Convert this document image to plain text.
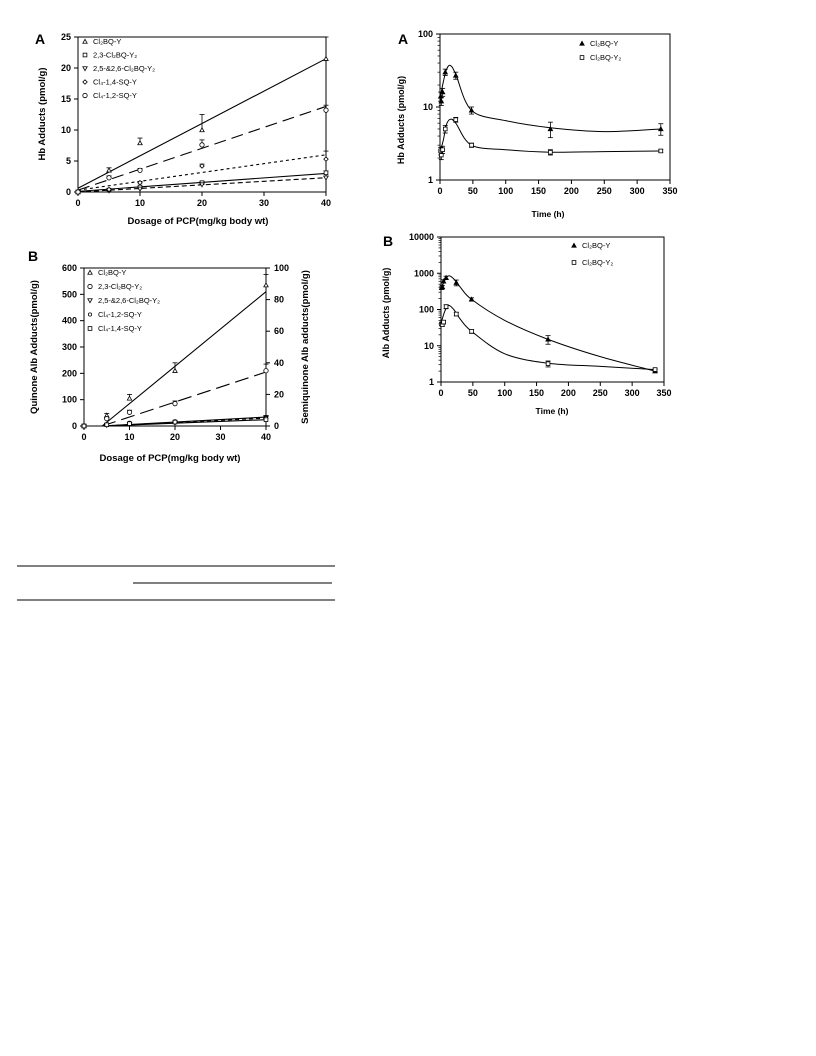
A
0	10	20	30	40
0
5
10
15
20
25
Hb Adducts (pmol/g)
Dosage of PCP(mg/kg body wt)
Cl₂BQ-Y
2,3-Cl₂BQ-Y₂
2,5-&2,6-Cl₂BQ-Y₂
Cl₄-1,4-SQ-Y
Cl₄-1,2-SQ-Y
B
0	10	20	30	40
0
100
200
300
400
500
600
0
20
40
60
80
100
Quinone Alb Adducts(pmol/g)	Semiquinone Alb adducts(pmol/g)
Dosage of PCP(mg/kg body wt)
Cl₂BQ-Y
2,3-Cl₂BQ-Y₂
2,5-&2,6-Cl₂BQ-Y₂
Cl₄-1,2-SQ-Y
Cl₄-1,4-SQ-Y
A
0	50 100 150 200 250 300 350
1
10
100
Hb Adducts (pmol/g)
Time (h)
Cl₂BQ-Y
Cl₂BQ-Y₂
B
0	50 100 150 200 250 300 350
1
10
100
1000
10000
Alb Adducts (pmol/g)
Time (h)
Cl₂BQ-Y
Cl₂BQ-Y₂
